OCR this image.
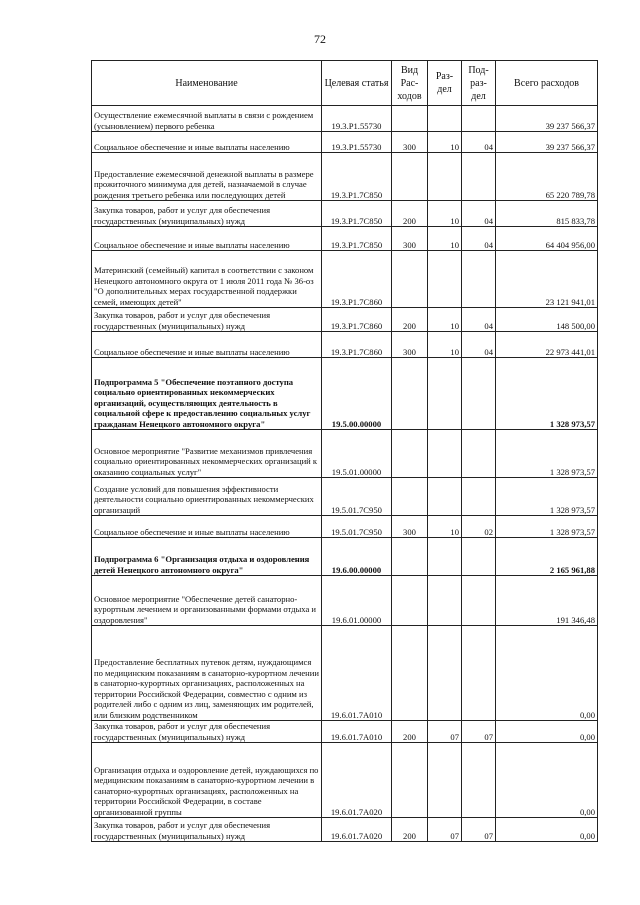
72
Наименование	Целевая статья	Вид Рас-ходов	Раз-дел	Под-раз-дел	Всего расходов
Осуществление ежемесячной выплаты в связи с рождением (усыновлением) первого ребенка	19.3.Р1.55730				39 237 566,37
Социальное обеспечение и иные выплаты населению	19.3.Р1.55730	300	10	04	39 237 566,37
Предоставление ежемесячной денежной выплаты в размере прожиточного минимума для детей, назначаемой в случае рождения третьего ребенка или последующих детей	19.3.Р1.7С850				65 220 789,78
Закупка товаров, работ и услуг для обеспечения государственных (муниципальных) нужд	19.3.Р1.7С850	200	10	04	815 833,78
Социальное обеспечение и иные выплаты населению	19.3.Р1.7С850	300	10	04	64 404 956,00
Материнский (семейный) капитал в соответствии с законом Ненецкого автономного округа от 1 июля 2011 года № 36-оз "О дополнительных мерах государственной поддержки семей, имеющих детей"	19.3.Р1.7С860				23 121 941,01
Закупка товаров, работ и услуг для обеспечения государственных (муниципальных) нужд	19.3.Р1.7С860	200	10	04	148 500,00
Социальное обеспечение и иные выплаты населению	19.3.Р1.7С860	300	10	04	22 973 441,01
Подпрограмма 5 "Обеспечение поэтапного доступа социально ориентированных некоммерческих организаций, осуществляющих деятельность в социальной сфере к предоставлению социальных услуг гражданам Ненецкого автономного округа"	19.5.00.00000				1 328 973,57
Основное мероприятие "Развитие механизмов привлечения социально ориентированных некоммерческих организаций к оказанию социальных услуг"	19.5.01.00000				1 328 973,57
Создание условий для повышения эффективности деятельности социально ориентированных некоммерческих организаций	19.5.01.7С950				1 328 973,57
Социальное обеспечение и иные выплаты населению	19.5.01.7С950	300	10	02	1 328 973,57
Подпрограмма 6 "Организация отдыха и оздоровления детей Ненецкого автономного округа"	19.6.00.00000				2 165 961,88
Основное мероприятие "Обеспечение детей санаторно-курортным лечением и организованными формами отдыха и оздоровления"	19.6.01.00000				191 346,48
Предоставление бесплатных путевок детям, нуждающимся по медицинским показаниям в санаторно-курортном лечении в санаторно-курортных организациях, расположенных на территории Российской Федерации, совместно с одним из родителей либо с одним из лиц, заменяющих им родителей, или близким родственником	19.6.01.7А010				0,00
Закупка товаров, работ и услуг для обеспечения государственных (муниципальных) нужд	19.6.01.7А010	200	07	07	0,00
Организация отдыха и оздоровление детей, нуждающихся по медицинским показаниям в санаторно-курортном лечении в санаторно-курортных организациях, расположенных на территории Российской Федерации, в составе организованной группы	19.6.01.7А020				0,00
Закупка товаров, работ и услуг для обеспечения государственных (муниципальных) нужд	19.6.01.7А020	200	07	07	0,00
